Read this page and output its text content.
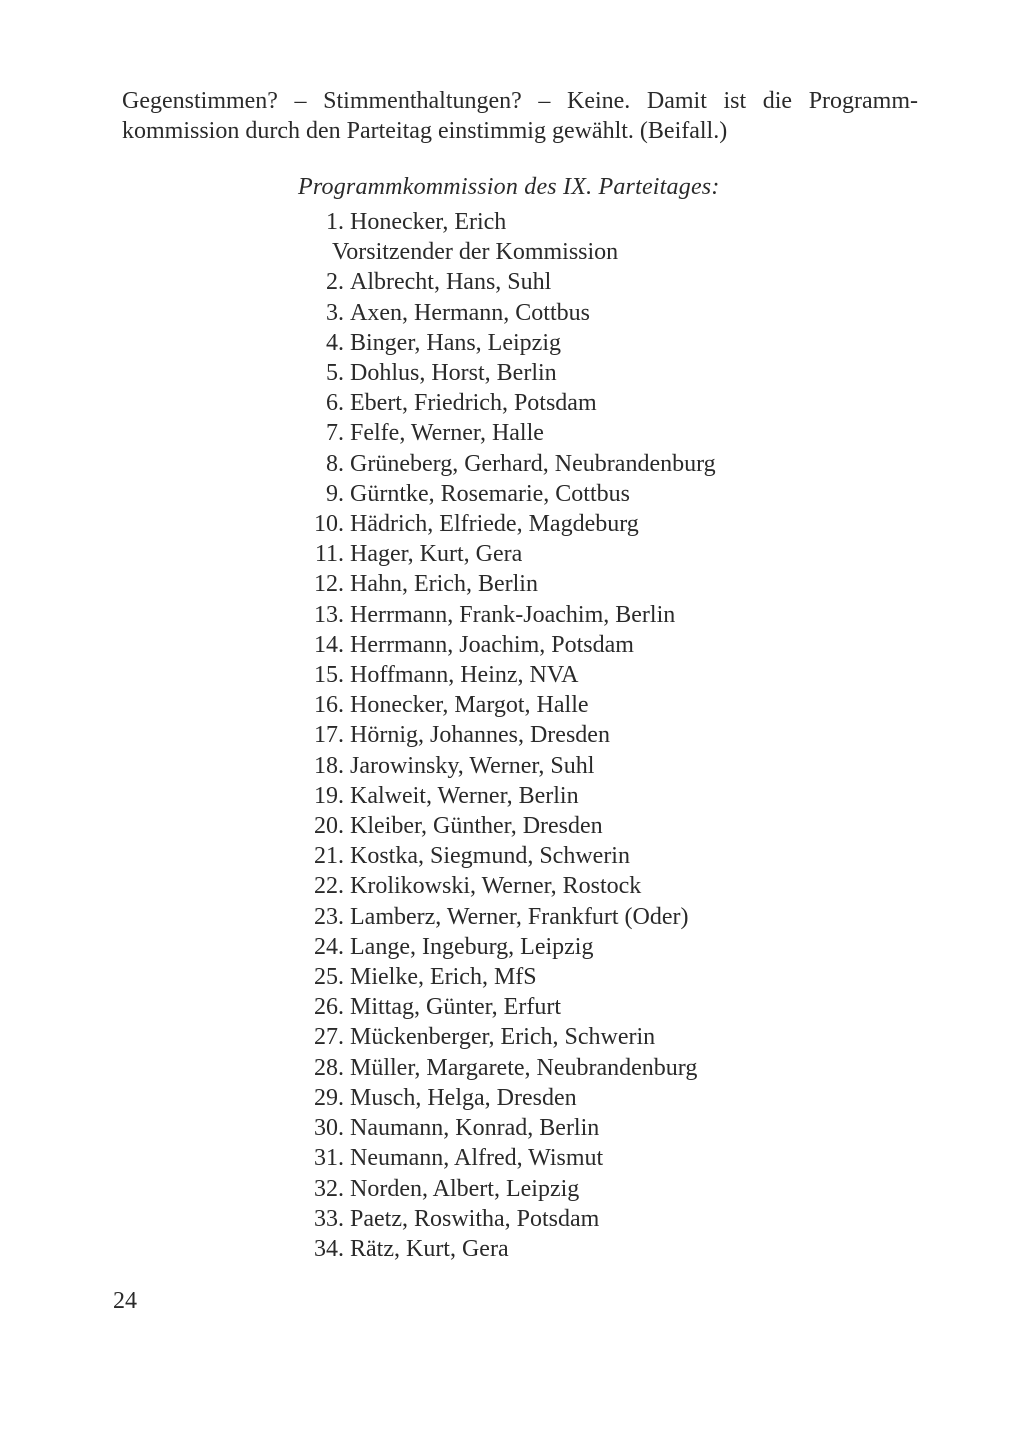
Gegenstimmen? – Stimmenthaltungen? – Keine. Damit ist die Programm-
kommission durch den Parteitag einstimmig gewählt. (Beifall.)
Programmkommission des IX. Parteitages:
1. Honecker, Erich
Vorsitzender der Kommission
2. Albrecht, Hans, Suhl
3. Axen, Hermann, Cottbus
4. Binger, Hans, Leipzig
5. Dohlus, Horst, Berlin
6. Ebert, Friedrich, Potsdam
7. Felfe, Werner, Halle
8. Grüneberg, Gerhard, Neubrandenburg
9. Gürntke, Rosemarie, Cottbus
10. Hädrich, Elfriede, Magdeburg
11. Hager, Kurt, Gera
12. Hahn, Erich, Berlin
13. Herrmann, Frank-Joachim, Berlin
14. Herrmann, Joachim, Potsdam
15. Hoffmann, Heinz, NVA
16. Honecker, Margot, Halle
17. Hörnig, Johannes, Dresden
18. Jarowinsky, Werner, Suhl
19. Kalweit, Werner, Berlin
20. Kleiber, Günther, Dresden
21. Kostka, Siegmund, Schwerin
22. Krolikowski, Werner, Rostock
23. Lamberz, Werner, Frankfurt (Oder)
24. Lange, Ingeburg, Leipzig
25. Mielke, Erich, MfS
26. Mittag, Günter, Erfurt
27. Mückenberger, Erich, Schwerin
28. Müller, Margarete, Neubrandenburg
29. Musch, Helga, Dresden
30. Naumann, Konrad, Berlin
31. Neumann, Alfred, Wismut
32. Norden, Albert, Leipzig
33. Paetz, Roswitha, Potsdam
34. Rätz, Kurt, Gera
24
